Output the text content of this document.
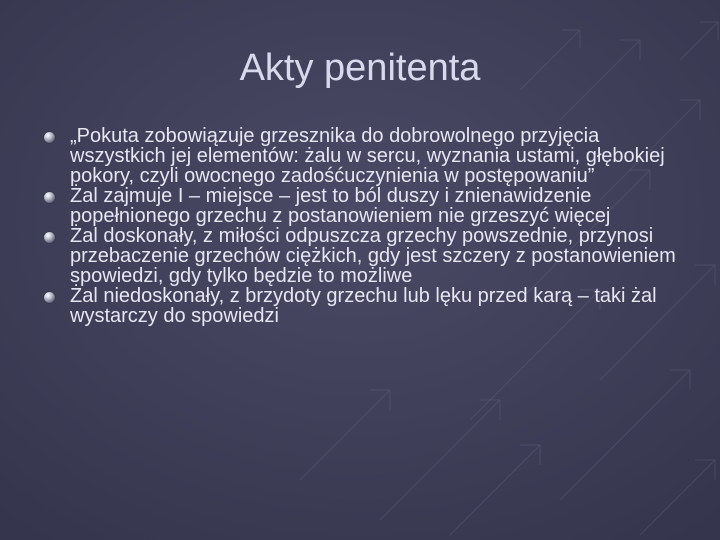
Akty penitenta
„Pokuta zobowiązuje grzesznika do dobrowolnego przyjęcia wszystkich jej elementów: żalu w sercu, wyznania ustami, głębokiej pokory, czyli owocnego zadośćuczynienia w postępowaniu”
Żal zajmuje I – miejsce – jest to ból duszy i znienawidzenie popełnionego grzechu z postanowieniem nie grzeszyć więcej
Żal doskonały, z miłości odpuszcza grzechy powszednie, przynosi przebaczenie grzechów ciężkich, gdy jest szczery z postanowieniem spowiedzi, gdy tylko będzie to możliwe
Żal niedoskonały, z brzydoty grzechu lub lęku przed karą – taki żal wystarczy do spowiedzi
